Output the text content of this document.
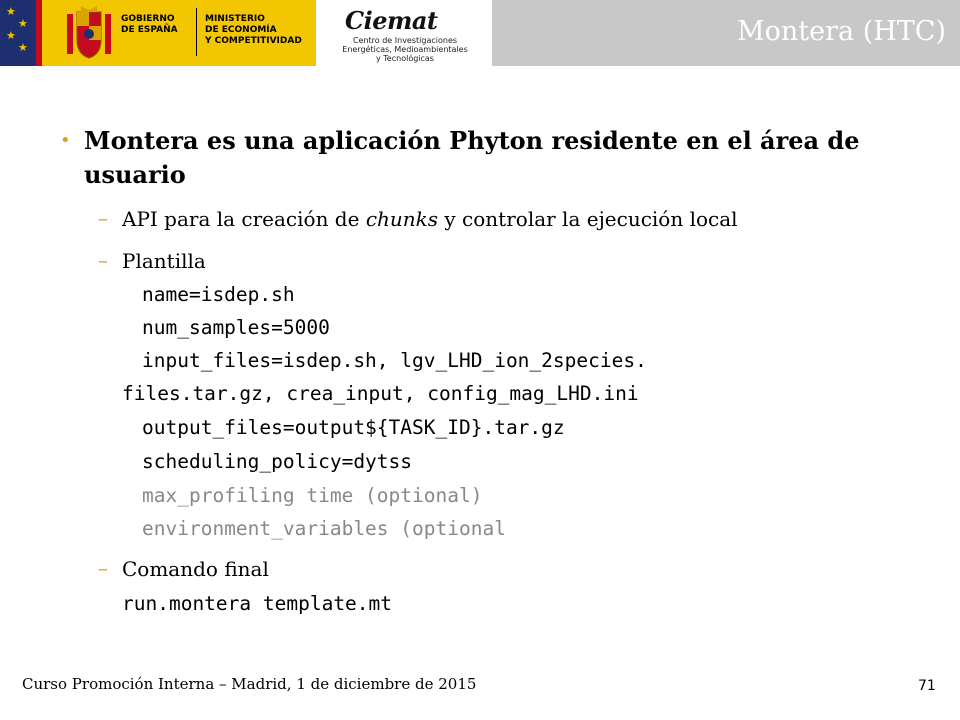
★
★
★
★
GOBIERNO
DE ESPAÑA
MINISTERIO
DE ECONOMÍA
Y COMPETITIVIDAD
Ciemat
Centro de Investigaciones
Energéticas, Medioambientales
y Tecnológicas
Montera (HTC)
• Montera es una aplicación Phyton residente en el área de usuario
– API para la creación de chunks y controlar la ejecución local
– Plantilla
name=isdep.sh
num_samples=5000
input_files=isdep.sh, lgv_LHD_ion_2species.
files.tar.gz, crea_input, config_mag_LHD.ini
output_files=output${TASK_ID}.tar.gz
scheduling_policy=dytss
max_profiling time (optional)
environment_variables (optional
– Comando final
run.montera template.mt
Curso Promoción Interna – Madrid, 1 de diciembre de 2015	71
